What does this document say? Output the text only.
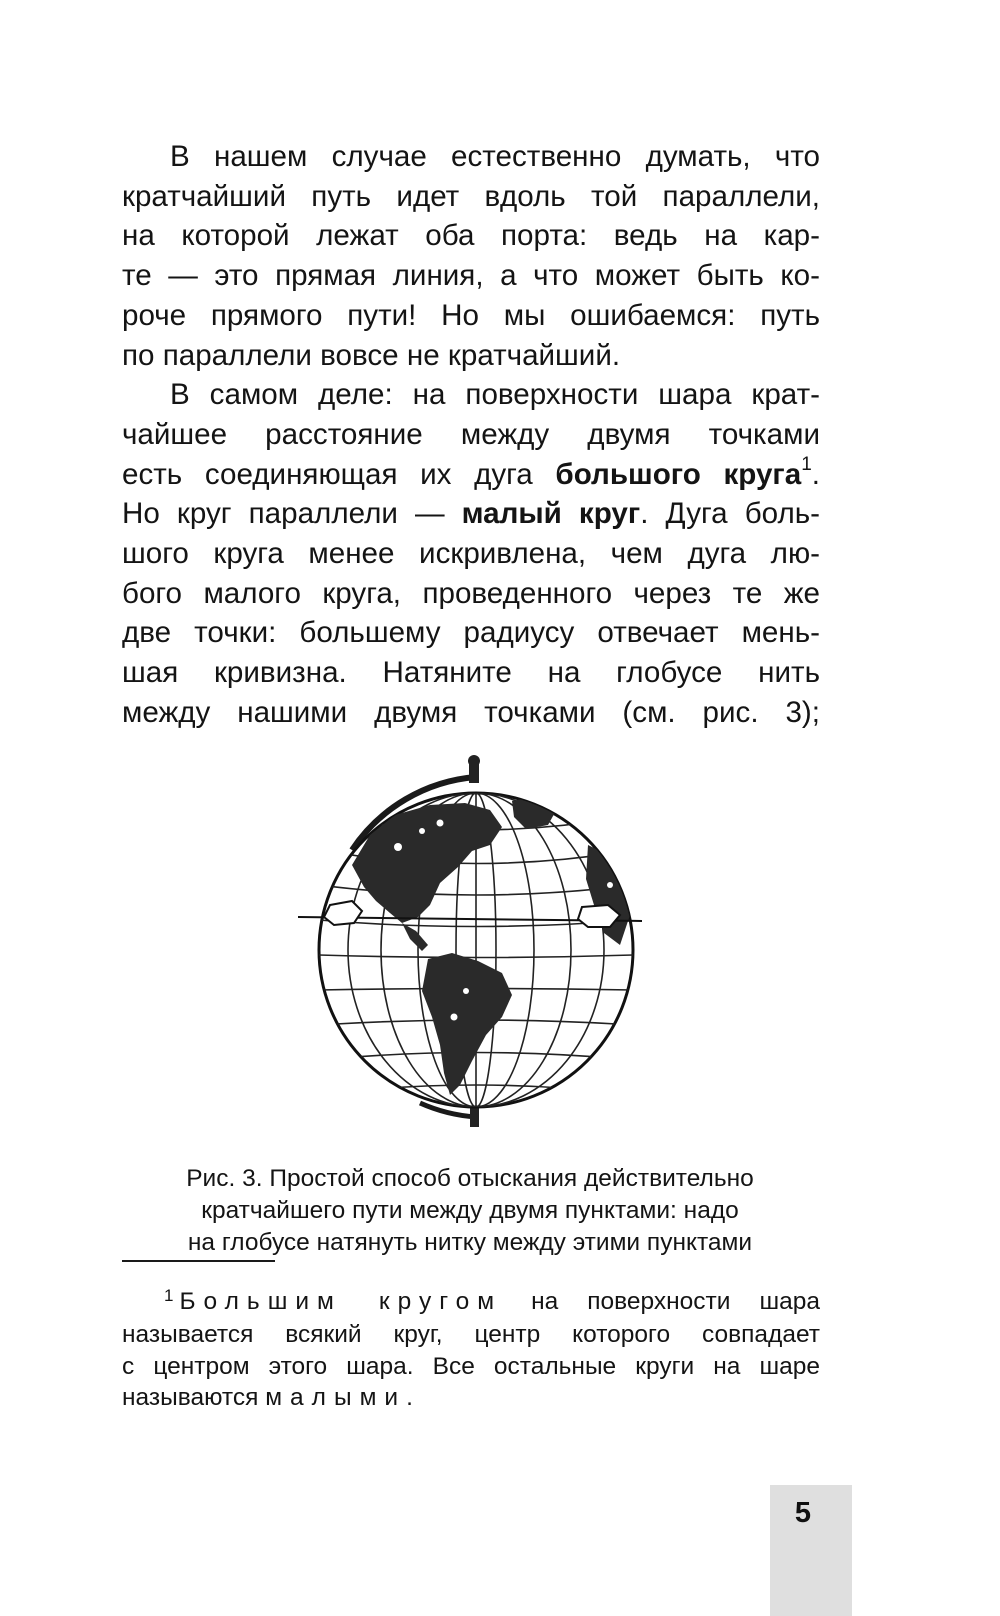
В нашем случае естественно думать, что
кратчайший путь идет вдоль той параллели,
на которой лежат оба порта: ведь на кар-
те — это прямая линия, а что может быть ко-
роче прямого пути! Но мы ошибаемся: путь
по параллели вовсе не кратчайший.
В самом деле: на поверхности шара крат-
чайшее расстояние между двумя точками
есть соединяющая их дуга большого круга$^1$.
Но круг параллели — малый круг. Дуга боль-
шого круга менее искривлена, чем дуга лю-
бого малого круга, проведенного через те же
две точки: большему радиусу отвечает мень-
шая кривизна. Натяните на глобусе нить
между нашими двумя точками (см. рис. 3);
Рис. 3. Простой способ отыскания действительно
кратчайшего пути между двумя пунктами: надо
на глобусе натянуть нитку между этими пунктами
$^1$ Большим кругом на поверхности шара
называется всякий круг, центр которого совпадает
с центром этого шара. Все остальные круги на шаре
называются малыми.
5
